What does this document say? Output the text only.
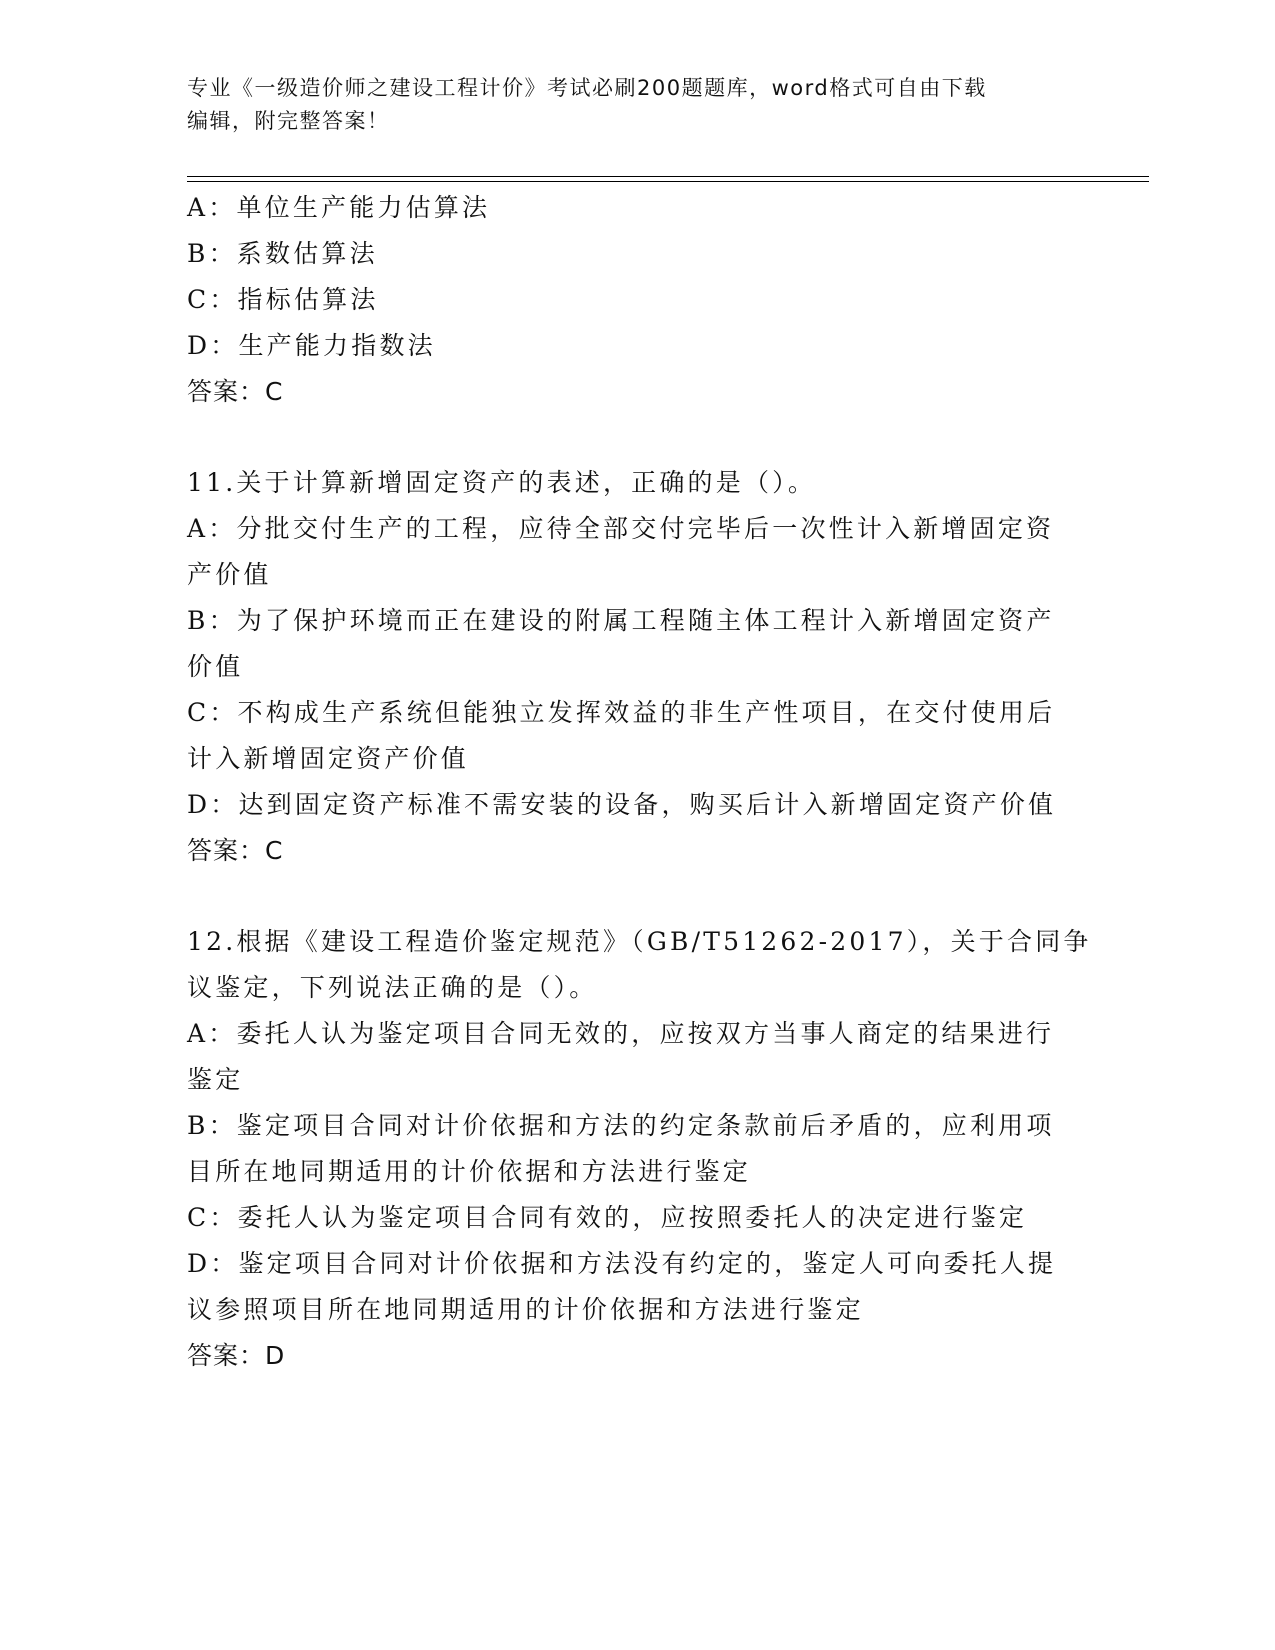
专业《一级造价师之建设工程计价》考试必刷200题题库，word格式可自由下载
编辑，附完整答案！
A：单位生产能力估算法
B：系数估算法
C：指标估算法
D：生产能力指数法
答案：C
11.关于计算新增固定资产的表述，正确的是（）。
A：分批交付生产的工程，应待全部交付完毕后一次性计入新增固定资
产价值
B：为了保护环境而正在建设的附属工程随主体工程计入新增固定资产
价值
C：不构成生产系统但能独立发挥效益的非生产性项目，在交付使用后
计入新增固定资产价值
D：达到固定资产标准不需安装的设备，购买后计入新增固定资产价值
答案：C
12.根据《建设工程造价鉴定规范》（GB/T51262-2017），关于合同争
议鉴定，下列说法正确的是（）。
A：委托人认为鉴定项目合同无效的，应按双方当事人商定的结果进行
鉴定
B：鉴定项目合同对计价依据和方法的约定条款前后矛盾的，应利用项
目所在地同期适用的计价依据和方法进行鉴定
C：委托人认为鉴定项目合同有效的，应按照委托人的决定进行鉴定
D：鉴定项目合同对计价依据和方法没有约定的，鉴定人可向委托人提
议参照项目所在地同期适用的计价依据和方法进行鉴定
答案：D
